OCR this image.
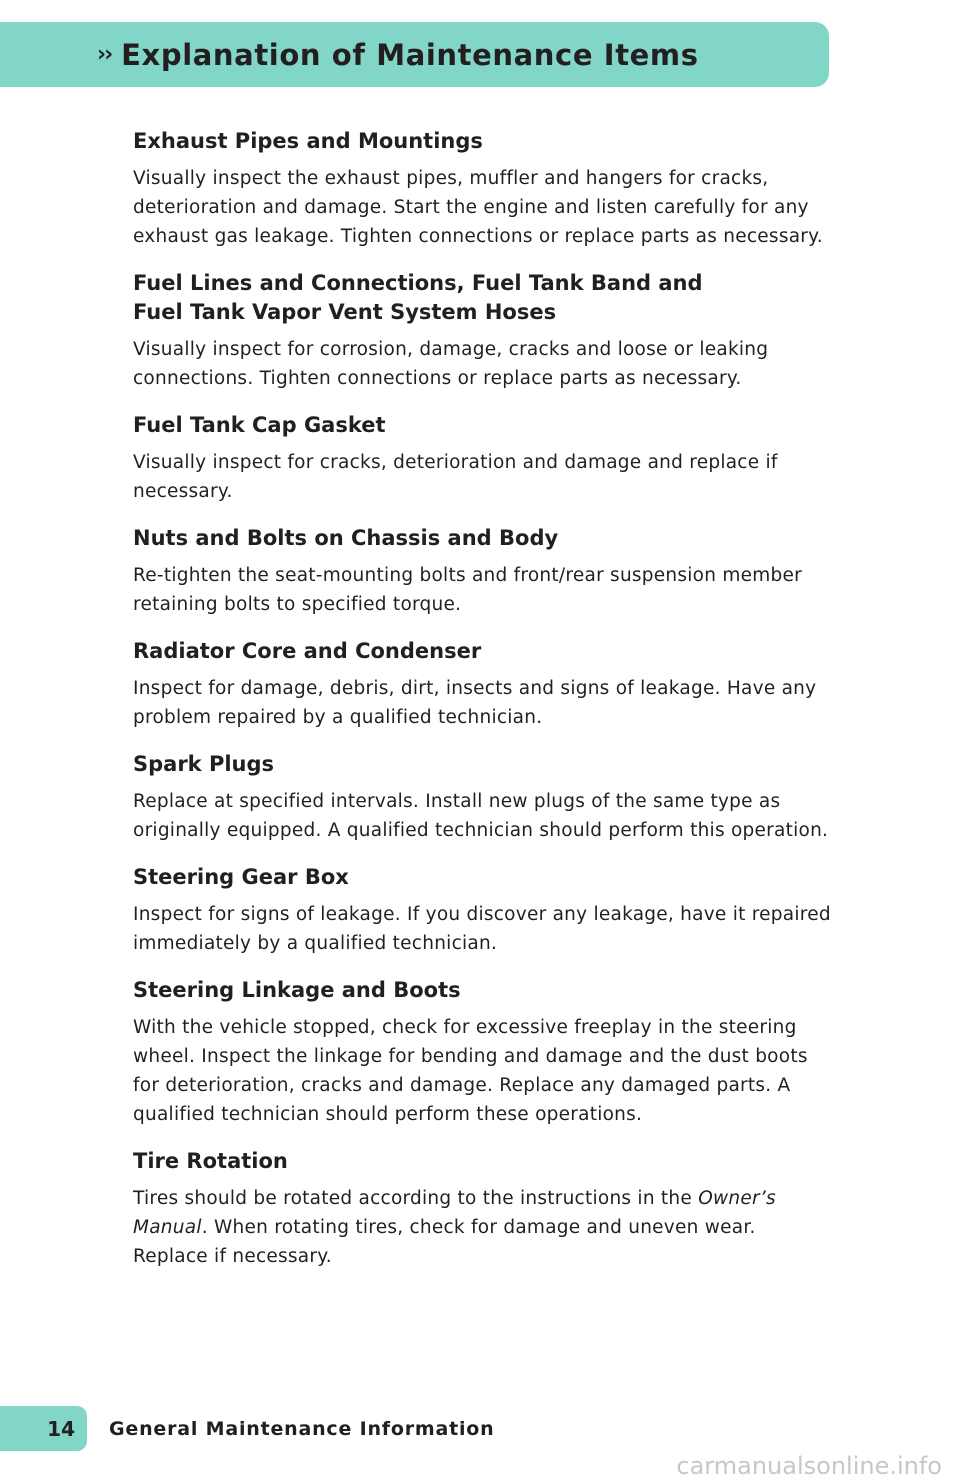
›› Explanation of Maintenance Items
Exhaust Pipes and Mountings

Visually inspect the exhaust pipes, muffler and hangers for cracks, deterioration and damage. Start the engine and listen carefully for any exhaust gas leakage. Tighten connections or replace parts as necessary.

Fuel Lines and Connections, Fuel Tank Band and
Fuel Tank Vapor Vent System Hoses

Visually inspect for corrosion, damage, cracks and loose or leaking connections. Tighten connections or replace parts as necessary.

Fuel Tank Cap Gasket

Visually inspect for cracks, deterioration and damage and replace if necessary.

Nuts and Bolts on Chassis and Body

Re-tighten the seat-mounting bolts and front/rear suspension member retaining bolts to specified torque.

Radiator Core and Condenser

Inspect for damage, debris, dirt, insects and signs of leakage. Have any problem repaired by a qualified technician.

Spark Plugs

Replace at specified intervals. Install new plugs of the same type as originally equipped. A qualified technician should perform this operation.

Steering Gear Box

Inspect for signs of leakage. If you discover any leakage, have it repaired immediately by a qualified technician.

Steering Linkage and Boots

With the vehicle stopped, check for excessive freeplay in the steering wheel. Inspect the linkage for bending and damage and the dust boots for deterioration, cracks and damage. Replace any damaged parts. A qualified technician should perform these operations.

Tire Rotation

Tires should be rotated according to the instructions in the Owner’s Manual. When rotating tires, check for damage and uneven wear. Replace if necessary.

14 General Maintenance Information
carmanualsonline.info
